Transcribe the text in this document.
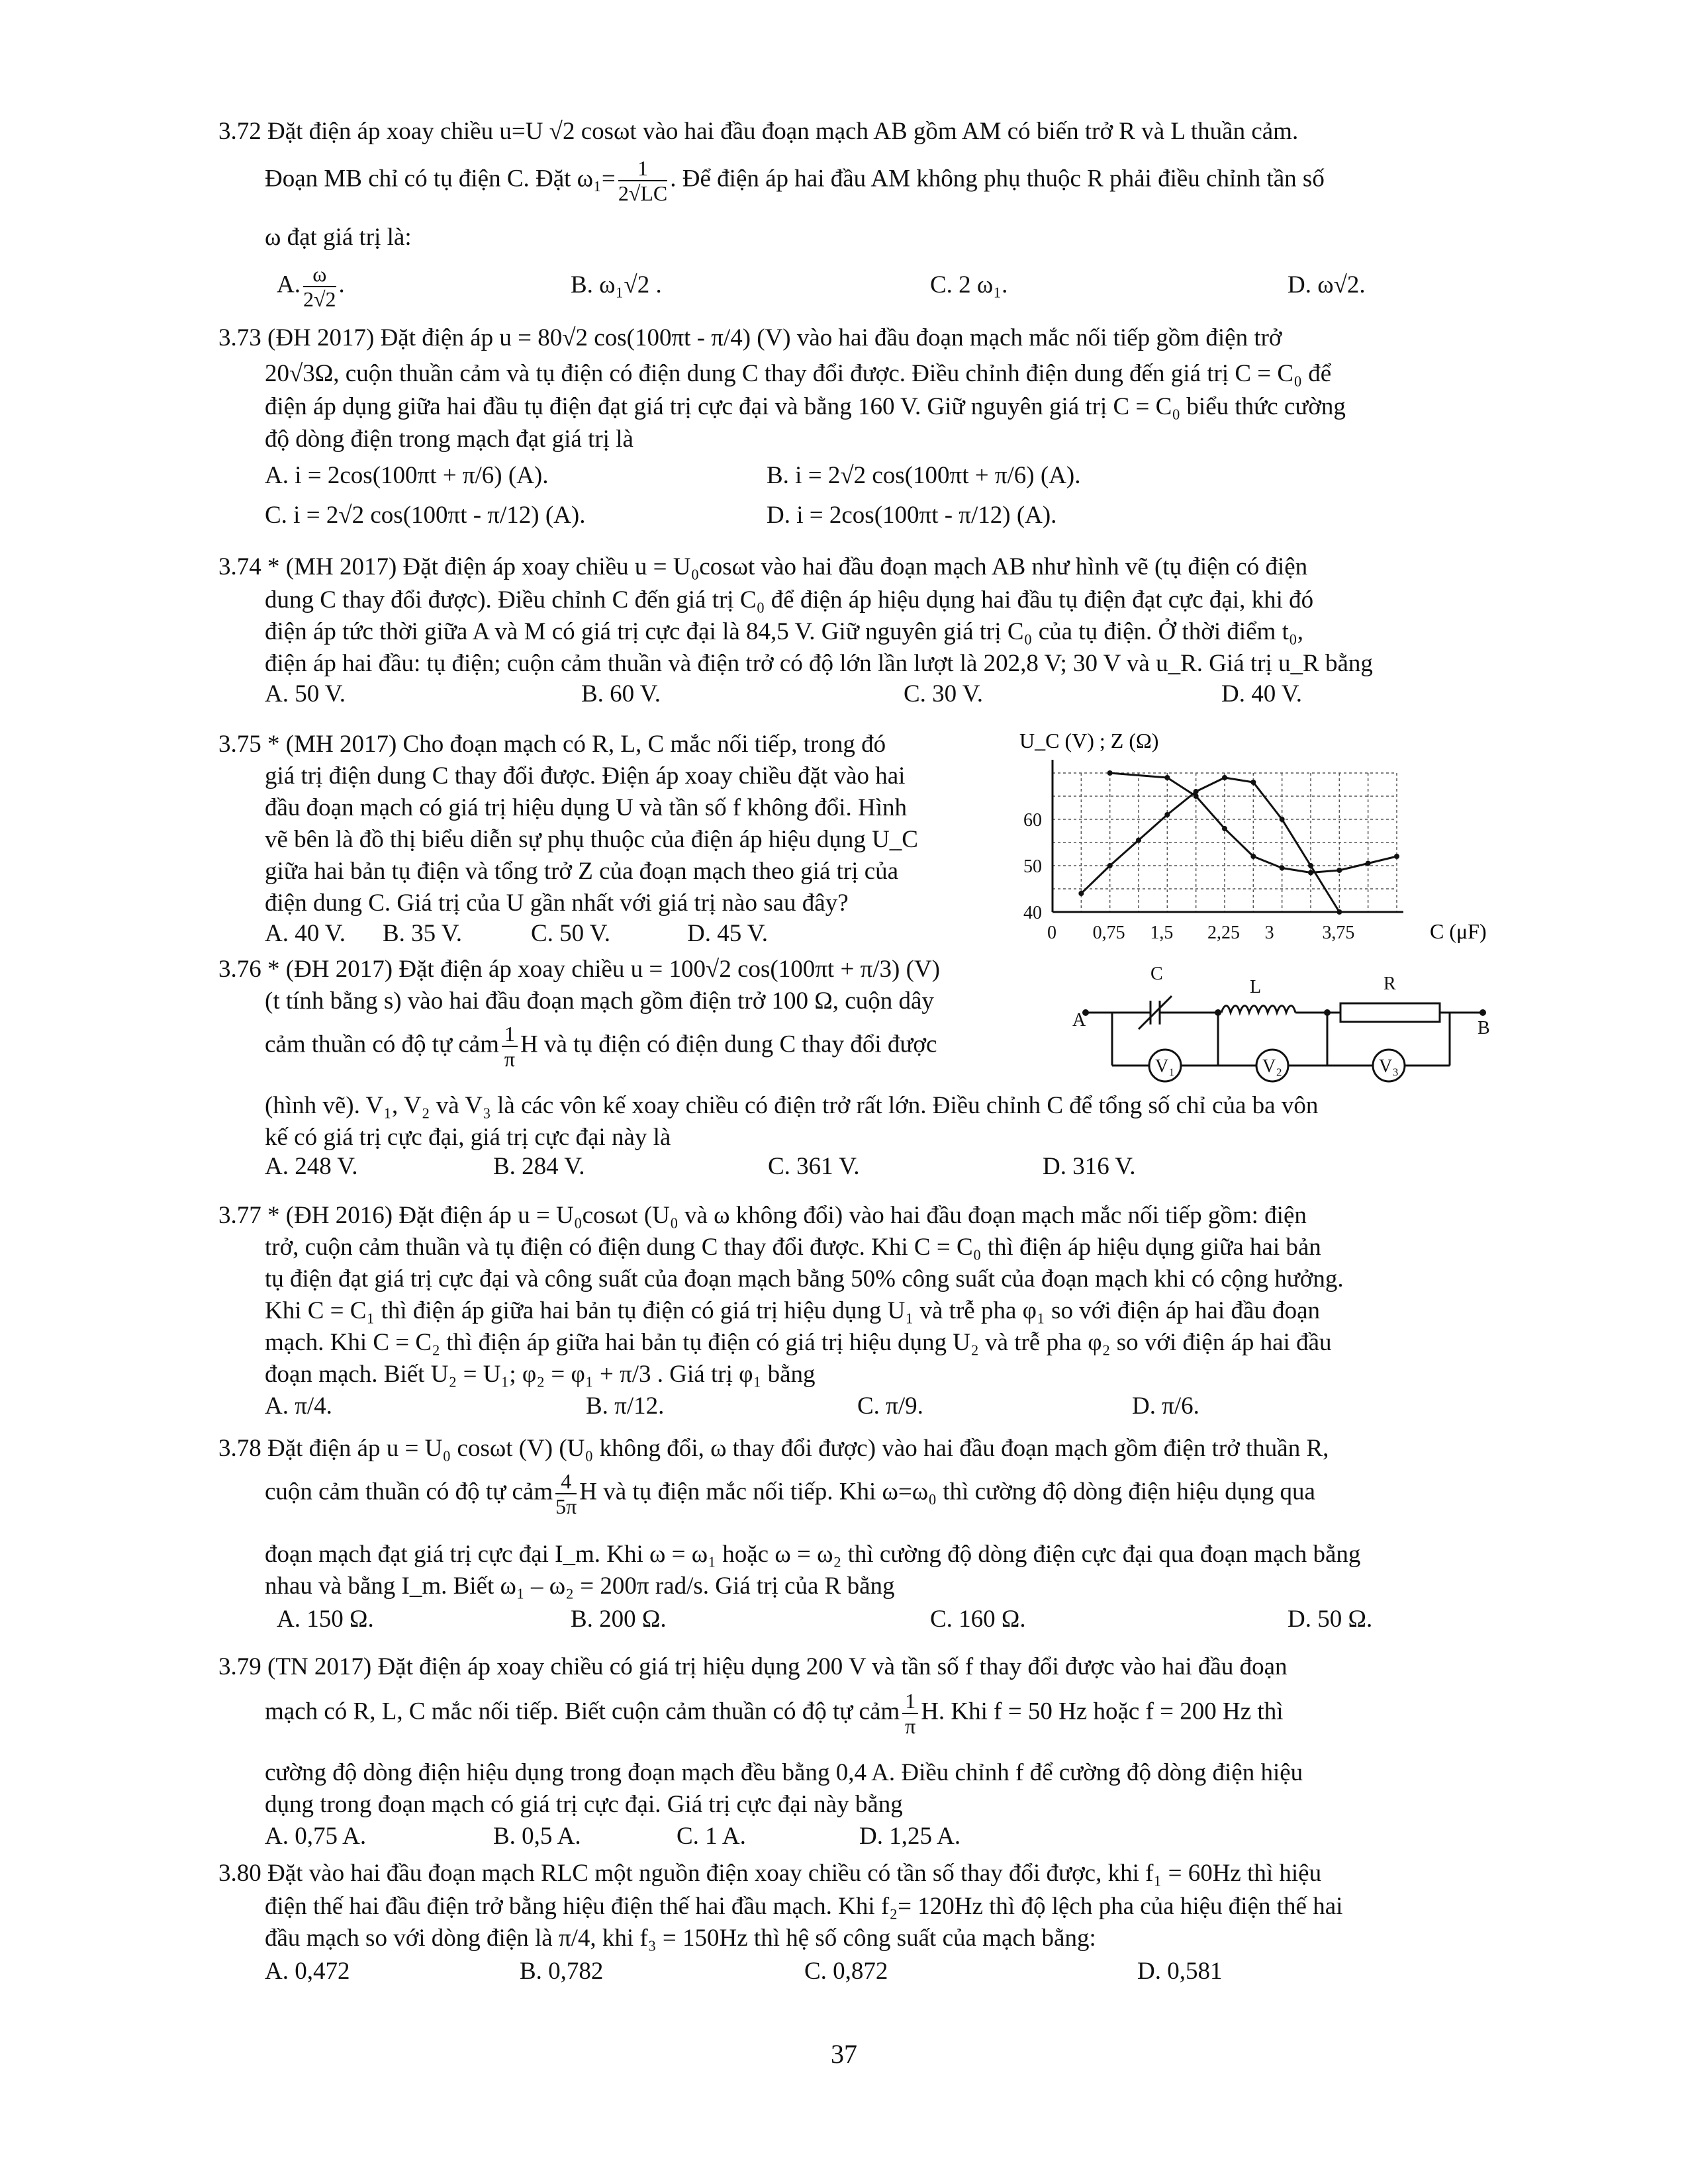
3.72 Đặt điện áp xoay chiều u=U √2 cosωt vào hai đầu đoạn mạch AB gồm AM có biến trở R và L thuần cảm.
Đoạn MB chỉ có tụ điện C. Đặt $\omega_1= \frac{1}{2√LC}$ . Để điện áp hai đầu AM không phụ thuộc R phải điều chỉnh tần số
ω đạt giá trị là:
A. $\frac{\omega}{2√2}$ .	B. ω₁√2 .	C. 2 ω₁.	D. ω√2.
3.73 (ĐH 2017) Đặt điện áp u = 80√2 cos(100πt - π/4) (V) vào hai đầu đoạn mạch mắc nối tiếp gồm điện trở
20√3Ω, cuộn thuần cảm và tụ điện có điện dung C thay đổi được. Điều chỉnh điện dung đến giá trị C = C₀ để
điện áp dụng giữa hai đầu tụ điện đạt giá trị cực đại và bằng 160 V. Giữ nguyên giá trị C = C₀ biểu thức cường
độ dòng điện trong mạch đạt giá trị là
A. i = 2cos(100πt + π/6) (A).	B. i = 2√2 cos(100πt + π/6) (A).
C. i = 2√2 cos(100πt - π/12) (A).	D. i = 2cos(100πt - π/12) (A).
3.74 * (MH 2017) Đặt điện áp xoay chiều u = U₀cosωt vào hai đầu đoạn mạch AB như hình vẽ (tụ điện có điện
dung C thay đổi được). Điều chỉnh C đến giá trị C₀ để điện áp hiệu dụng hai đầu tụ điện đạt cực đại, khi đó
điện áp tức thời giữa A và M có giá trị cực đại là 84,5 V. Giữ nguyên giá trị C₀ của tụ điện. Ở thời điểm t₀,
điện áp hai đầu: tụ điện; cuộn cảm thuần và điện trở có độ lớn lần lượt là 202,8 V; 30 V và u_R. Giá trị u_R bằng
A. 50 V.	B. 60 V.	C. 30 V.	D. 40 V.
3.75 * (MH 2017) Cho đoạn mạch có R, L, C mắc nối tiếp, trong đó
giá trị điện dung C thay đổi được. Điện áp xoay chiều đặt vào hai
đầu đoạn mạch có giá trị hiệu dụng U và tần số f không đổi. Hình
vẽ bên là đồ thị biểu diễn sự phụ thuộc của điện áp hiệu dụng U_C
giữa hai bản tụ điện và tổng trở Z của đoạn mạch theo giá trị của
điện dung C. Giá trị của U gần nhất với giá trị nào sau đây?
A. 40 V. B. 35 V.	C. 50 V.	D. 45 V.
U_C (V) ; Z (Ω)
0 0,75 1,5 2,25 3	3,75
40
50
60
C (μF)
3.76 * (ĐH 2017) Đặt điện áp xoay chiều u = 100√2 cos(100πt + π/3) (V)
(t tính bằng s) vào hai đầu đoạn mạch gồm điện trở 100 Ω, cuộn dây
cảm thuần có độ tự cảm $\frac{1}{\pi}$ H và tụ điện có điện dung C thay đổi được
(hình vẽ). V₁, V₂ và V₃ là các vôn kế xoay chiều có điện trở rất lớn. Điều chỉnh C để tổng số chỉ của ba vôn
kế có giá trị cực đại, giá trị cực đại này là
A. 248 V.	B. 284 V.	C. 361 V.	D. 316 V.
V₁	V₂	V₃
C
L	R
A	B
3.77 * (ĐH 2016) Đặt điện áp u = U₀cosωt (U₀ và ω không đổi) vào hai đầu đoạn mạch mắc nối tiếp gồm: điện
trở, cuộn cảm thuần và tụ điện có điện dung C thay đổi được. Khi C = C₀ thì điện áp hiệu dụng giữa hai bản
tụ điện đạt giá trị cực đại và công suất của đoạn mạch bằng 50% công suất của đoạn mạch khi có cộng hưởng.
Khi C = C₁ thì điện áp giữa hai bản tụ điện có giá trị hiệu dụng U₁ và trễ pha φ₁ so với điện áp hai đầu đoạn
mạch. Khi C = C₂ thì điện áp giữa hai bản tụ điện có giá trị hiệu dụng U₂ và trễ pha φ₂ so với điện áp hai đầu
đoạn mạch. Biết U₂ = U₁; φ₂ = φ₁ + π/3 . Giá trị φ₁ bằng
A. π/4.	B. π/12.	C. π/9.	D. π/6.
3.78 Đặt điện áp u = U₀ cosωt (V) (U₀ không đổi, ω thay đổi được) vào hai đầu đoạn mạch gồm điện trở thuần R,
cuộn cảm thuần có độ tự cảm $\frac{4}{5\pi}$ H và tụ điện mắc nối tiếp. Khi ω=ω₀ thì cường độ dòng điện hiệu dụng qua
đoạn mạch đạt giá trị cực đại I_m. Khi ω = ω₁ hoặc ω = ω₂ thì cường độ dòng điện cực đại qua đoạn mạch bằng
nhau và bằng I_m. Biết ω₁ – ω₂ = 200π rad/s. Giá trị của R bằng
A. 150 Ω.	B. 200 Ω.	C. 160 Ω.	D. 50 Ω.
3.79 (TN 2017) Đặt điện áp xoay chiều có giá trị hiệu dụng 200 V và tần số f thay đổi được vào hai đầu đoạn
mạch có R, L, C mắc nối tiếp. Biết cuộn cảm thuần có độ tự cảm $\frac{1}{\pi} H$. Khi f = 50 Hz hoặc f = 200 Hz thì
cường độ dòng điện hiệu dụng trong đoạn mạch đều bằng 0,4 A. Điều chỉnh f để cường độ dòng điện hiệu
dụng trong đoạn mạch có giá trị cực đại. Giá trị cực đại này bằng
A. 0,75 A.	B. 0,5 A.	C. 1 A.	D. 1,25 A.
3.80 Đặt vào hai đầu đoạn mạch RLC một nguồn điện xoay chiều có tần số thay đổi được, khi f₁ = 60Hz thì hiệu
điện thế hai đầu điện trở bằng hiệu điện thế hai đầu mạch. Khi f₂= 120Hz thì độ lệch pha của hiệu điện thế hai
đầu mạch so với dòng điện là π/4, khi f₃ = 150Hz thì hệ số công suất của mạch bằng:
A. 0,472	B. 0,782	C. 0,872	D. 0,581
37
